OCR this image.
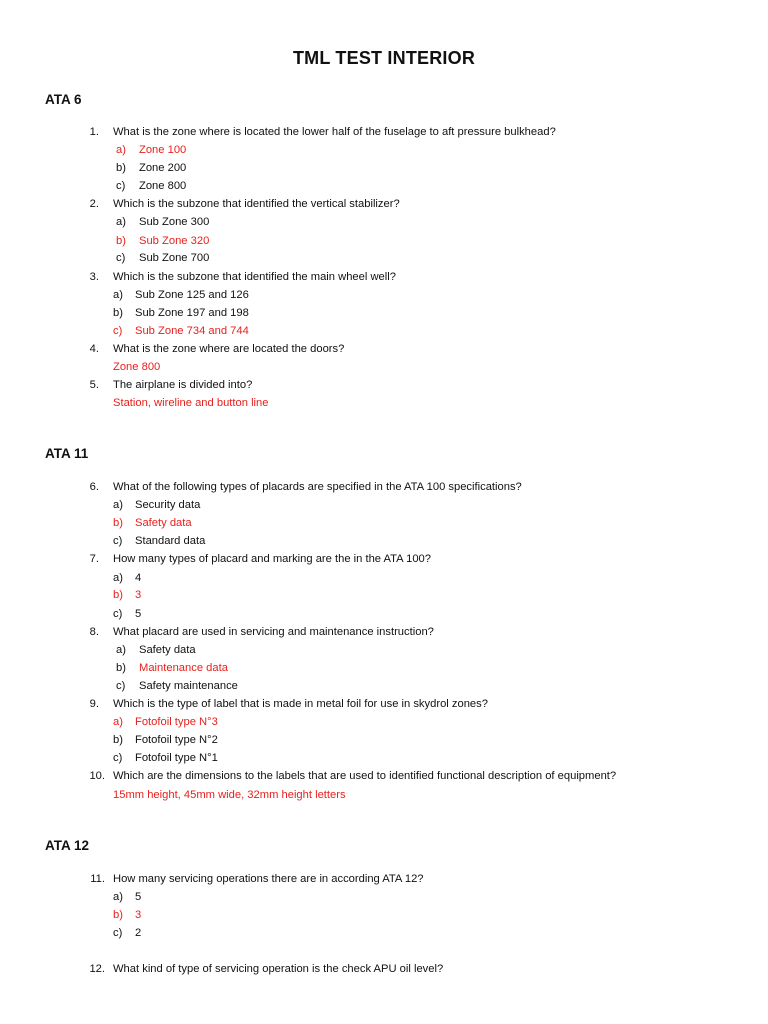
TML TEST INTERIOR
ATA 6
1. What is the zone where is located the lower half of the fuselage to aft pressure bulkhead?
a) Zone 100
b) Zone 200
c) Zone 800
2. Which is the subzone that identified the vertical stabilizer?
a) Sub Zone 300
b) Sub Zone 320
c) Sub Zone 700
3. Which is the subzone that identified the main wheel well?
a) Sub Zone 125 and 126
b) Sub Zone 197 and 198
c) Sub Zone 734 and 744
4. What is the zone where are located the doors?
Zone 800
5. The airplane is divided into?
Station, wireline and button line
ATA 11
6. What of the following types of placards are specified in the ATA 100 specifications?
a) Security data
b) Safety data
c) Standard data
7. How many types of placard and marking are the in the ATA 100?
a) 4
b) 3
c) 5
8. What placard are used in servicing and maintenance instruction?
a) Safety data
b) Maintenance data
c) Safety maintenance
9. Which is the type of label that is made in metal foil for use in skydrol zones?
a) Fotofoil type N°3
b) Fotofoil type N°2
c) Fotofoil type N°1
10. Which are the dimensions to the labels that are used to identified functional description of equipment?
15mm height, 45mm wide, 32mm height letters
ATA 12
11. How many servicing operations there are in according ATA 12?
a) 5
b) 3
c) 2
12. What kind of type of servicing operation is the check APU oil level?
